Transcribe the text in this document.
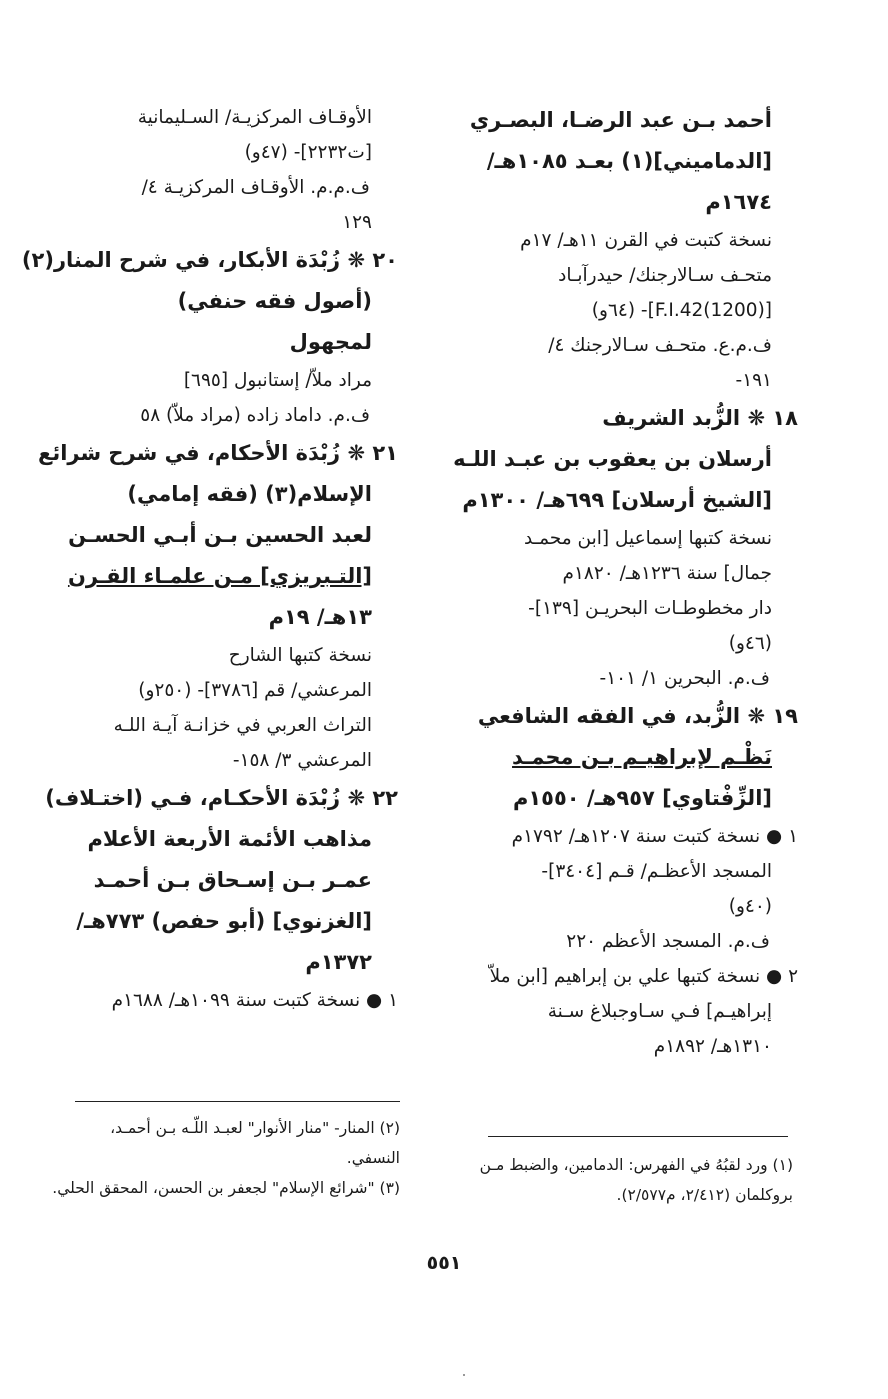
أحمد بـن عبد الرضـا، البصـري
[الدماميني](١) بعـد ١٠٨٥هـ/
١٦٧٤م
نسخة كتبت في القرن ١١هـ/ ١٧م
متحـف سـالارجنك/ حيدرآبـاد
[(1200)F.I.42]- (٦٤و)
ف.م.ع. متحـف سـالارجنك ٤/
١٩١-
١٨ ❋ الزُّبد الشريف
أرسلان بن يعقوب بن عبـد اللـه
[الشيخ أرسلان] ٦٩٩هـ/ ١٣٠٠م
نسخة كتبها إسماعيل [ابن محمـد
جمال] سنة ١٢٣٦هـ/ ١٨٢٠م
دار مخطوطـات البحريـن [١٣٩]-
(٤٦و)
ف.م. البحرين ١/ ١٠١-
١٩ ❋ الزُّبد، في الفقه الشافعي
نَظْـم لإبراهيـم بـن محمـد
[الزِّفْتاوي] ٩٥٧هـ/ ١٥٥٠م
١ ● نسخة كتبت سنة ١٢٠٧هـ/ ١٧٩٢م
المسجد الأعظـم/ قـم [٣٤٠٤]-
(٤٠و)
ف.م. المسجد الأعظم ٢٢٠
٢ ● نسخة كتبها علي بن إبراهيم [ابن ملاّ
إبراهيـم] فـي سـاوجبلاغ سـنة
١٣١٠هـ/ ١٨٩٢م
الأوقـاف المركزيـة/ السـليمانية
[ت٢٢٣٢]- (٤٧و)
ف.م.م. الأوقـاف المركزيـة ٤/
١٢٩
٢٠ ❋ زُبْدَة الأبكار، في شرح المنار(٢)
(أصول فقه حنفي)
لمجهول
مراد ملاّ/ إستانبول [٦٩٥]
ف.م. داماد زاده (مراد ملاّ) ٥٨
٢١ ❋ زُبْدَة الأحكام، في شرح شرائع
الإسلام(٣) (فقه إمامي)
لعبد الحسين بـن أبـي الحسـن
[التـبريزي] مـن علمـاء القـرن
١٣هـ/ ١٩م
نسخة كتبها الشارح
المرعشي/ قم [٣٧٨٦]- (٢٥٠و)
التراث العربي في خزانـة آيـة اللـه
المرعشي ٣/ ١٥٨-
٢٢ ❋ زُبْدَة الأحكـام، فـي (اختـلاف)
مذاهب الأئمة الأربعة الأعلام
عمـر بـن إسـحاق بـن أحمـد
[الغزنوي] (أبو حفص) ٧٧٣هـ/
١٣٧٢م
١ ● نسخة كتبت سنة ١٠٩٩هـ/ ١٦٨٨م
(١) ورد لقبُهُ في الفهرس: الدمامين، والضبط مـن
بروكلمان (٢/٤١٢، م٢/٥٧٧).
(٢) المنار- "منار الأنوار" لعبـد اللّـه بـن أحمـد،
النسفي.
(٣) "شرائع الإسلام" لجعفر بن الحسن، المحقق الحلي.
٥٥١
